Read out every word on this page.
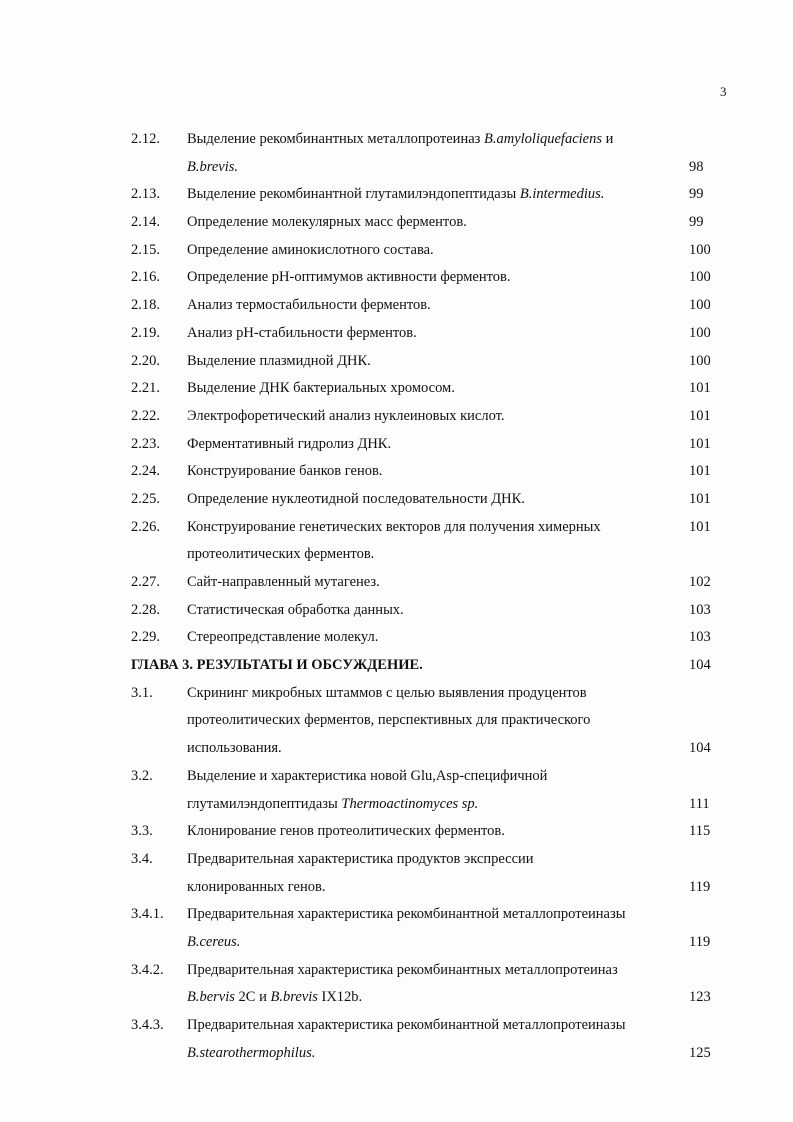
3
2.12. Выделение рекомбинантных металлопротеиназ B.amyloliquefaciens и
B.brevis.	98
2.13. Выделение рекомбинантной глутамилэндопептидазы B.intermedius.	99
2.14. Определение молекулярных масс ферментов.	99
2.15. Определение аминокислотного состава.	100
2.16. Определение pH-оптимумов активности ферментов.	100
2.18. Анализ термостабильности ферментов.	100
2.19. Анализ pH-стабильности ферментов.	100
2.20. Выделение плазмидной ДНК.	100
2.21. Выделение ДНК бактериальных хромосом.	101
2.22. Электрофоретический анализ нуклеиновых кислот.	101
2.23. Ферментативный гидролиз ДНК.	101
2.24. Конструирование банков генов.	101
2.25. Определение нуклеотидной последовательности ДНК.	101
2.26. Конструирование генетических векторов для получения химерных	101
протеолитических ферментов.
2.27. Сайт-направленный мутагенез.	102
2.28. Статистическая обработка данных.	103
2.29. Стереопредставление молекул.	103
ГЛАВА 3. РЕЗУЛЬТАТЫ И ОБСУЖДЕНИЕ.	104
3.1. Скрининг микробных штаммов с целью выявления продуцентов
протеолитических ферментов, перспективных для практического
использования.	104
3.2. Выделение и характеристика новой Glu,Asp-специфичной
глутамилэндопептидазы Thermoactinomyces sp.	111
3.3. Клонирование генов протеолитических ферментов.	115
3.4. Предварительная характеристика продуктов экспрессии
клонированных генов.	119
3.4.1. Предварительная характеристика рекомбинантной металлопротеиназы
B.cereus.	119
3.4.2. Предварительная характеристика рекомбинантных металлопротеиназ
B.bervis 2C и B.brevis IX12b.	123
3.4.3. Предварительная характеристика рекомбинантной металлопротеиназы
B.stearothermophilus.	125
